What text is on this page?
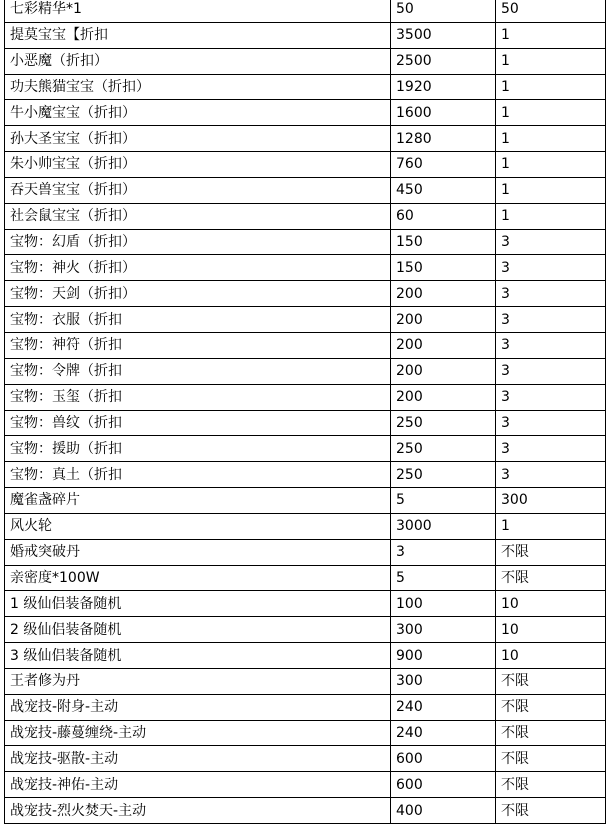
七彩精华*1	50	50
提莫宝宝【折扣	3500	1
小恶魔（折扣）	2500	1
功夫熊猫宝宝（折扣）	1920	1
牛小魔宝宝（折扣）	1600	1
孙大圣宝宝（折扣）	1280	1
朱小帅宝宝（折扣）	760	1
吞天兽宝宝（折扣）	450	1
社会鼠宝宝（折扣）	60	1
宝物：幻盾（折扣）	150	3
宝物：神火（折扣）	150	3
宝物：天剑（折扣）	200	3
宝物：衣服（折扣	200	3
宝物：神符（折扣	200	3
宝物：令牌（折扣	200	3
宝物：玉玺（折扣	200	3
宝物：兽纹（折扣	250	3
宝物：援助（折扣	250	3
宝物：真土（折扣	250	3
魔雀盏碎片	5	300
风火轮	3000	1
婚戒突破丹	3	不限
亲密度*100W	5	不限
1 级仙侣装备随机	100	10
2 级仙侣装备随机	300	10
3 级仙侣装备随机	900	10
王者修为丹	300	不限
战宠技-附身-主动	240	不限
战宠技-藤蔓缠绕-主动	240	不限
战宠技-驱散-主动	600	不限
战宠技-神佑-主动	600	不限
战宠技-烈火焚天-主动	400	不限
